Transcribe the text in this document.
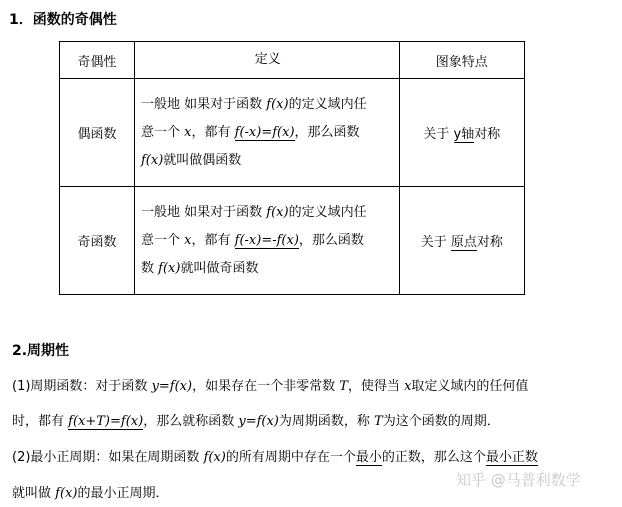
1．函数的奇偶性
奇偶性	定义	图象特点
偶函数	一般地 如果对于函数 f(x)的定义域内任
意一个 x，都有 f(-x)=f(x)，那么函数
f(x)就叫做偶函数	关于 y轴对称
奇函数	一般地 如果对于函数 f(x)的定义域内任
意一个 x，都有 f(-x)=-f(x)，那么函数
数 f(x)就叫做奇函数	关于 原点对称
2.周期性
(1)周期函数：对于函数 y=f(x)，如果存在一个非零常数 T，使得当 x取定义域内的任何值
时，都有 f(x+T)=f(x)，那么就称函数 y=f(x)为周期函数，称 T为这个函数的周期．
(2)最小正周期：如果在周期函数 f(x)的所有周期中存在一个最小的正数，那么这个最小正数
就叫做 f(x)的最小正周期．
知乎 @马普利数学
